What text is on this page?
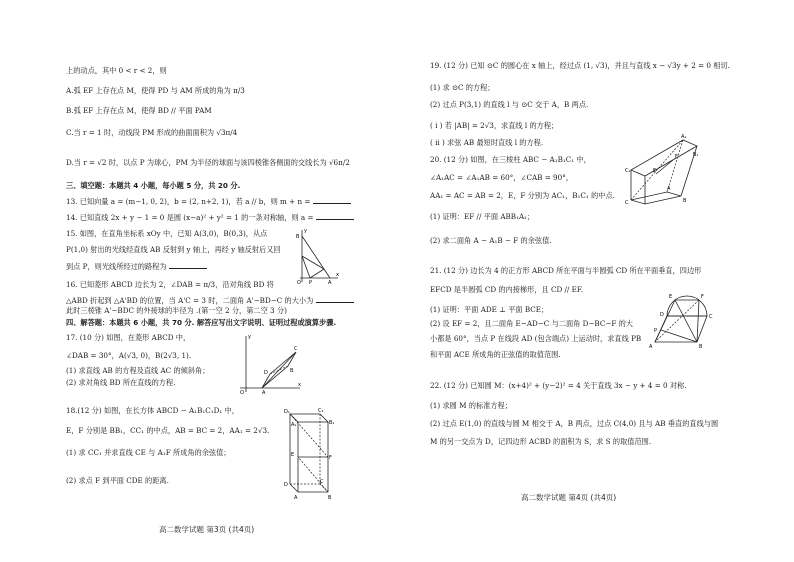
上的动点，其中 0 < r < 2，则
A.弧 EF 上存在点 M，使得 PD 与 AM 所成的角为 π/3
B.弧 EF 上存在点 M，使得 BD // 平面 PAM
C.当 r = 1 时，动线段 PM 形成的曲面面积为 √3π/4
D.当 r = √2 时，以点 P 为球心，PM 为半径的球面与该四棱锥各侧面的交线长为 √6π/2
三、填空题：本题共 4 小题，每小题 5 分，共 20 分.
13. 已知向量 a = (m−1, 0, 2)，b = (2, n+2, 1)，若 a // b，则 m + n =
14. 已知直线 2x + y − 1 = 0 是圆 (x−a)² + y² = 1 的一条对称轴，则 a =
15. 如图，在直角坐标系 xOy 中，已知 A(3,0)，B(0,3)，从点
P(1,0) 射出的光线经直线 AB 反射到 y 轴上，再经 y 轴反射后又回
到点 P，则光线所经过的路程为
16. 已知菱形 ABCD 边长为 2，∠DAB = π/3，沿对角线 BD 将
△ABD 折起到 △A'BD 的位置，当 A'C = 3 时，二面角 A'−BD−C 的大小为
此时三棱锥 A'−BDC 的外接球的半径为 .(第一空 2 分，第二空 3 分)
四、解答题：本题共 6 小题，共 70 分. 解答应写出文字说明、证明过程或演算步骤.
17. (10 分) 如图，在菱形 ABCD 中，
∠DAB = 30°，A(√3, 0)，B(2√3, 1).
(1) 求直线 AB 的方程及直线 AC 的倾斜角；
(2) 求对角线 BD 所在直线的方程.
18.(12 分) 如图，在长方体 ABCD − A₁B₁C₁D₁ 中，
E，F 分别是 BB₁，CC₁ 的中点，AB = BC = 2，AA₁ = 2√3.
(1) 求 CC₁ 并求直线 CE 与 A₁F 所成角的余弦值；
(2) 求点 F 到平面 CDE 的距离.
高二数学试题 第3页 (共4页)
B
A
P
O
x
y
C
B
D
A
O
x
y
D₁	C₁
A₁	B₁
E	F
D	C
A	B
19. (12 分) 已知 ⊙C 的圆心在 x 轴上，经过点 (1, √3)，并且与直线 x − √3y + 2 = 0 相切.
(1) 求 ⊙C 的方程；
(2) 过点 P(3,1) 的直线 l 与 ⊙C 交于 A，B 两点.
( i ) 若 |AB| = 2√3，求直线 l 的方程；
( ii ) 求弦 AB 最短时直线 l 的方程.
20. (12 分) 如图，在三棱柱 ABC − A₁B₁C₁ 中，
∠A₁AC = ∠A₁AB = 60°，∠CAB = 90°，
AA₁ = AC = AB = 2，E，F 分别为 AC₁，B₁C₁ 的中点.
(1) 证明：EF // 平面 ABB₁A₁；
(2) 求二面角 A − A₁B − F 的余弦值.
21. (12 分) 边长为 4 的正方形 ABCD 所在平面与半圆弧 CD 所在平面垂直，四边形
EFCD 是半圆弧 CD 的内接梯形，且 CD // EF.
(1) 证明：平面 ADE ⊥ 平面 BCE；
(2) 设 EF = 2，且二面角 E−AD−C 与二面角 D−BC−F 的大
小都是 60°，当点 P 在线段 AD (包含端点) 上运动时，求直线 PB
和平面 ACE 所成角的正弦值的取值范围.
22. (12 分) 已知圆 M：(x+4)² + (y−2)² = 4 关于直线 3x − y + 4 = 0 对称.
(1) 求圆 M 的标准方程；
(2) 过点 E(1,0) 的直线与圆 M 相交于 A，B 两点，过点 C(4,0) 且与 AB 垂直的直线与圆
M 的另一交点为 D，记四边形 ACBD 的面积为 S，求 S 的取值范围.
高二数学试题 第4页 (共4页)
C₁
A₁
B₁
E
F
C
A
B
E	F
D	C
P
A	B
